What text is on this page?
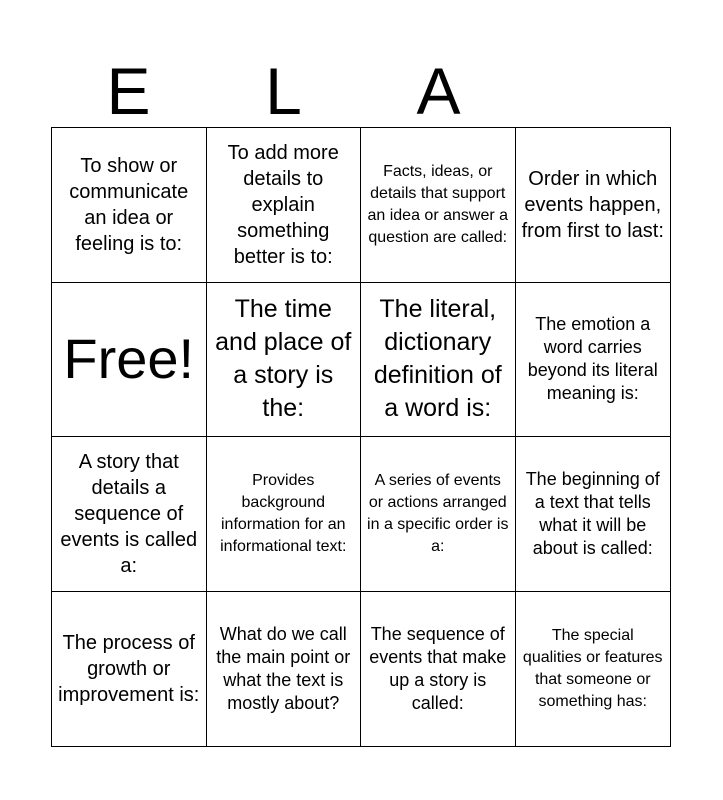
E	L	A
To show or communicate an idea or feeling is to:
To add more details to explain something better is to:
Facts, ideas, or details that support an idea or answer a question are called:
Order in which events happen, from first to last:
Free!
The time and place of a story is the:
The literal, dictionary definition of a word is:
The emotion a word carries beyond its literal meaning is:
A story that details a sequence of events is called a:
Provides background information for an informational text:
A series of events or actions arranged in a specific order is a:
The beginning of a text that tells what it will be about is called:
The process of growth or improvement is:
What do we call the main point or what the text is mostly about?
The sequence of events that make up a story is called:
The special qualities or features that someone or something has:
